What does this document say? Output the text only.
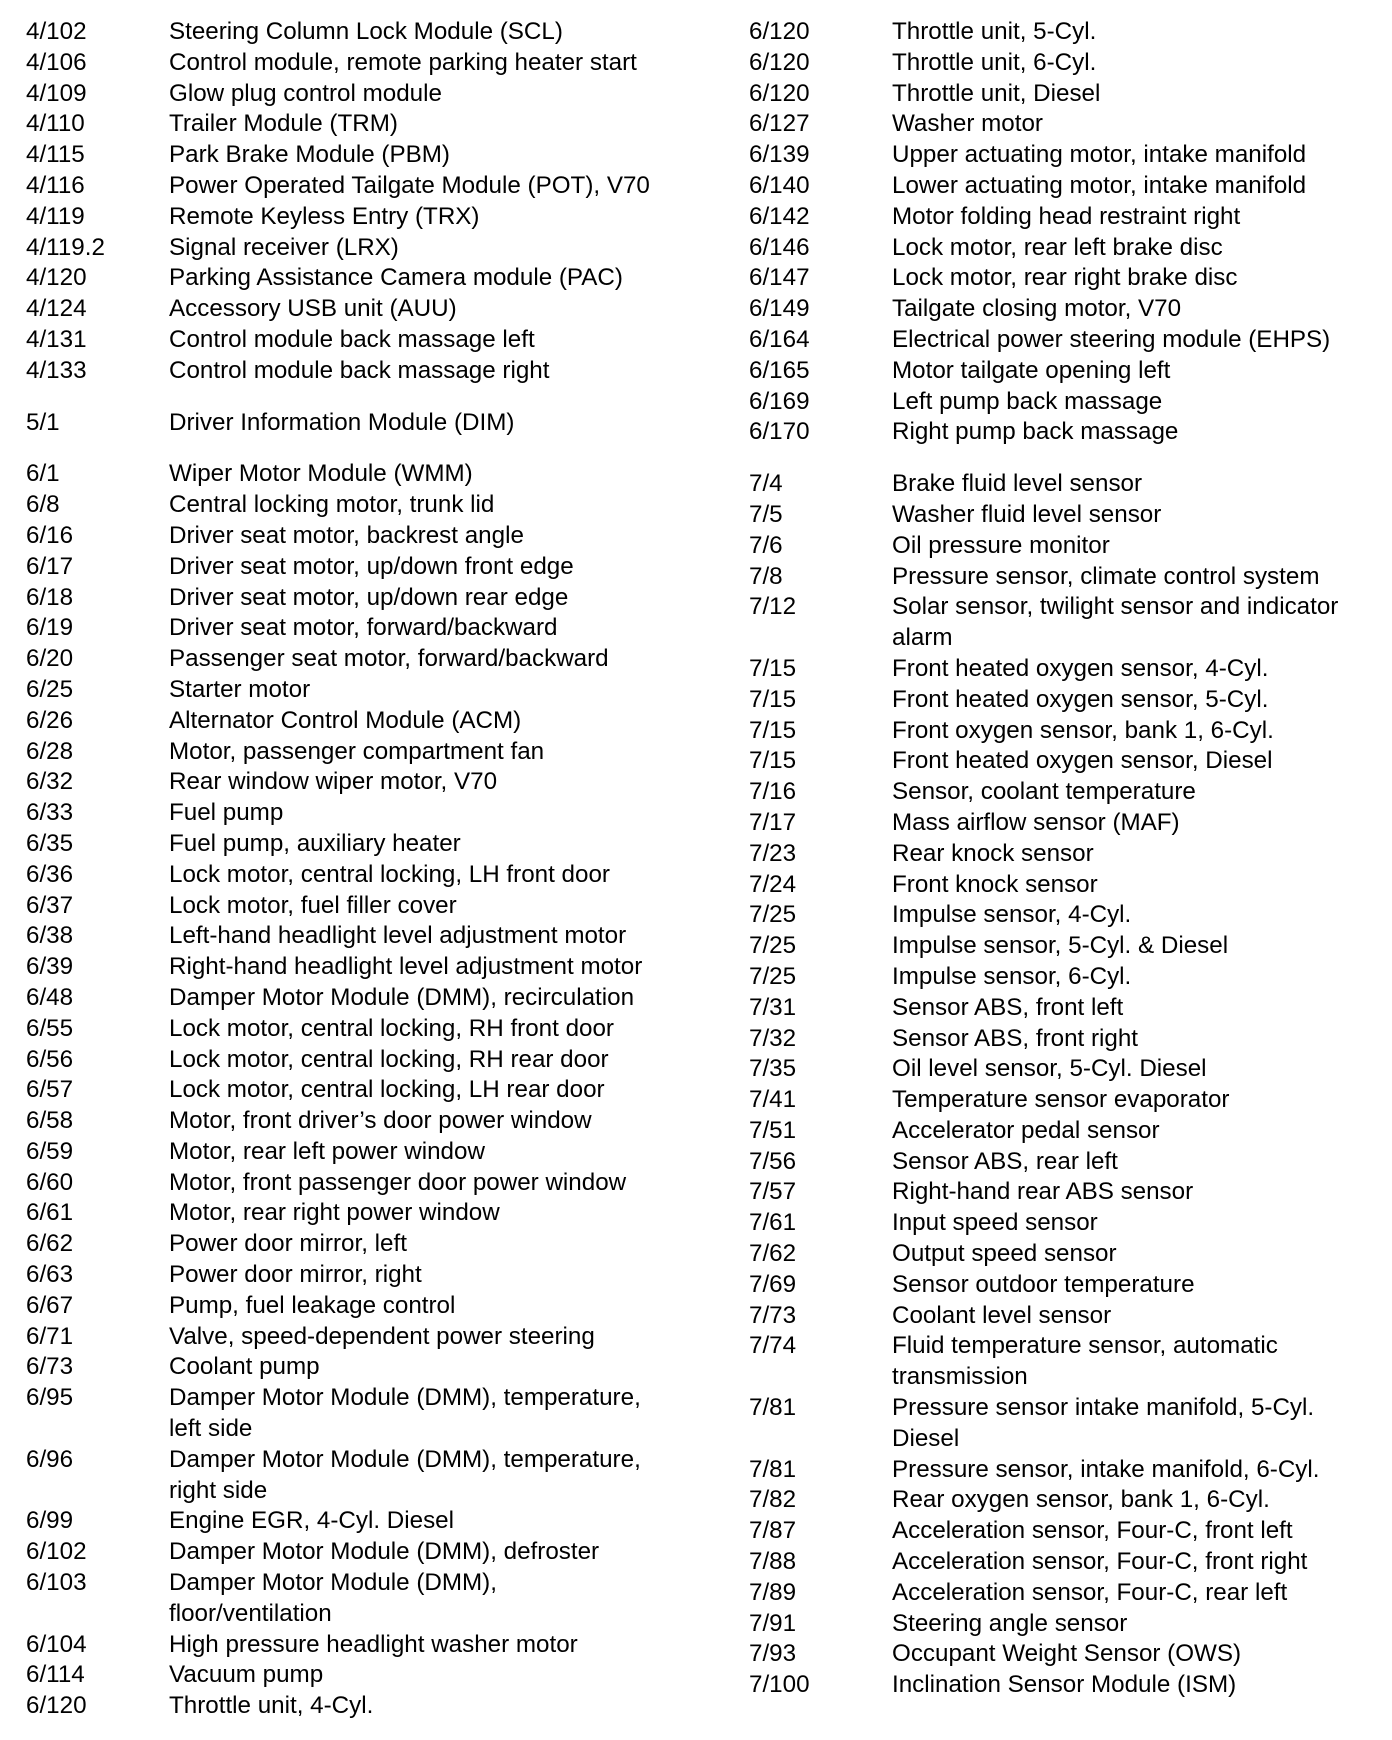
4/102	Steering Column Lock Module (SCL)
4/106	Control module, remote parking heater start
4/109	Glow plug control module
4/110	Trailer Module (TRM)
4/115	Park Brake Module (PBM)
4/116	Power Operated Tailgate Module (POT), V70
4/119	Remote Keyless Entry (TRX)
4/119.2	Signal receiver (LRX)
4/120	Parking Assistance Camera module (PAC)
4/124	Accessory USB unit (AUU)
4/131	Control module back massage left
4/133	Control module back massage right
5/1	Driver Information Module (DIM)
6/1	Wiper Motor Module (WMM)
6/8	Central locking motor, trunk lid
6/16	Driver seat motor, backrest angle
6/17	Driver seat motor, up/down front edge
6/18	Driver seat motor, up/down rear edge
6/19	Driver seat motor, forward/backward
6/20	Passenger seat motor, forward/backward
6/25	Starter motor
6/26	Alternator Control Module (ACM)
6/28	Motor, passenger compartment fan
6/32	Rear window wiper motor, V70
6/33	Fuel pump
6/35	Fuel pump, auxiliary heater
6/36	Lock motor, central locking, LH front door
6/37	Lock motor, fuel filler cover
6/38	Left-hand headlight level adjustment motor
6/39	Right-hand headlight level adjustment motor
6/48	Damper Motor Module (DMM), recirculation
6/55	Lock motor, central locking, RH front door
6/56	Lock motor, central locking, RH rear door
6/57	Lock motor, central locking, LH rear door
6/58	Motor, front driver’s door power window
6/59	Motor, rear left power window
6/60	Motor, front passenger door power window
6/61	Motor, rear right power window
6/62	Power door mirror, left
6/63	Power door mirror, right
6/67	Pump, fuel leakage control
6/71	Valve, speed-dependent power steering
6/73	Coolant pump
6/95	Damper Motor Module (DMM), temperature,
left side
6/96	Damper Motor Module (DMM), temperature,
right side
6/99	Engine EGR, 4-Cyl. Diesel
6/102	Damper Motor Module (DMM), defroster
6/103	Damper Motor Module (DMM),
floor/ventilation
6/104	High pressure headlight washer motor
6/114	Vacuum pump
6/120	Throttle unit, 4-Cyl.
6/120	Throttle unit, 5-Cyl.
6/120	Throttle unit, 6-Cyl.
6/120	Throttle unit, Diesel
6/127	Washer motor
6/139	Upper actuating motor, intake manifold
6/140	Lower actuating motor, intake manifold
6/142	Motor folding head restraint right
6/146	Lock motor, rear left brake disc
6/147	Lock motor, rear right brake disc
6/149	Tailgate closing motor, V70
6/164	Electrical power steering module (EHPS)
6/165	Motor tailgate opening left
6/169	Left pump back massage
6/170	Right pump back massage
7/4	Brake fluid level sensor
7/5	Washer fluid level sensor
7/6	Oil pressure monitor
7/8	Pressure sensor, climate control system
7/12	Solar sensor, twilight sensor and indicator
alarm
7/15	Front heated oxygen sensor, 4-Cyl.
7/15	Front heated oxygen sensor, 5-Cyl.
7/15	Front oxygen sensor, bank 1, 6-Cyl.
7/15	Front heated oxygen sensor, Diesel
7/16	Sensor, coolant temperature
7/17	Mass airflow sensor (MAF)
7/23	Rear knock sensor
7/24	Front knock sensor
7/25	Impulse sensor, 4-Cyl.
7/25	Impulse sensor, 5-Cyl. & Diesel
7/25	Impulse sensor, 6-Cyl.
7/31	Sensor ABS, front left
7/32	Sensor ABS, front right
7/35	Oil level sensor, 5-Cyl. Diesel
7/41	Temperature sensor evaporator
7/51	Accelerator pedal sensor
7/56	Sensor ABS, rear left
7/57	Right-hand rear ABS sensor
7/61	Input speed sensor
7/62	Output speed sensor
7/69	Sensor outdoor temperature
7/73	Coolant level sensor
7/74	Fluid temperature sensor, automatic
transmission
7/81	Pressure sensor intake manifold, 5-Cyl.
Diesel
7/81	Pressure sensor, intake manifold, 6-Cyl.
7/82	Rear oxygen sensor, bank 1, 6-Cyl.
7/87	Acceleration sensor, Four-C, front left
7/88	Acceleration sensor, Four-C, front right
7/89	Acceleration sensor, Four-C, rear left
7/91	Steering angle sensor
7/93	Occupant Weight Sensor (OWS)
7/100	Inclination Sensor Module (ISM)
